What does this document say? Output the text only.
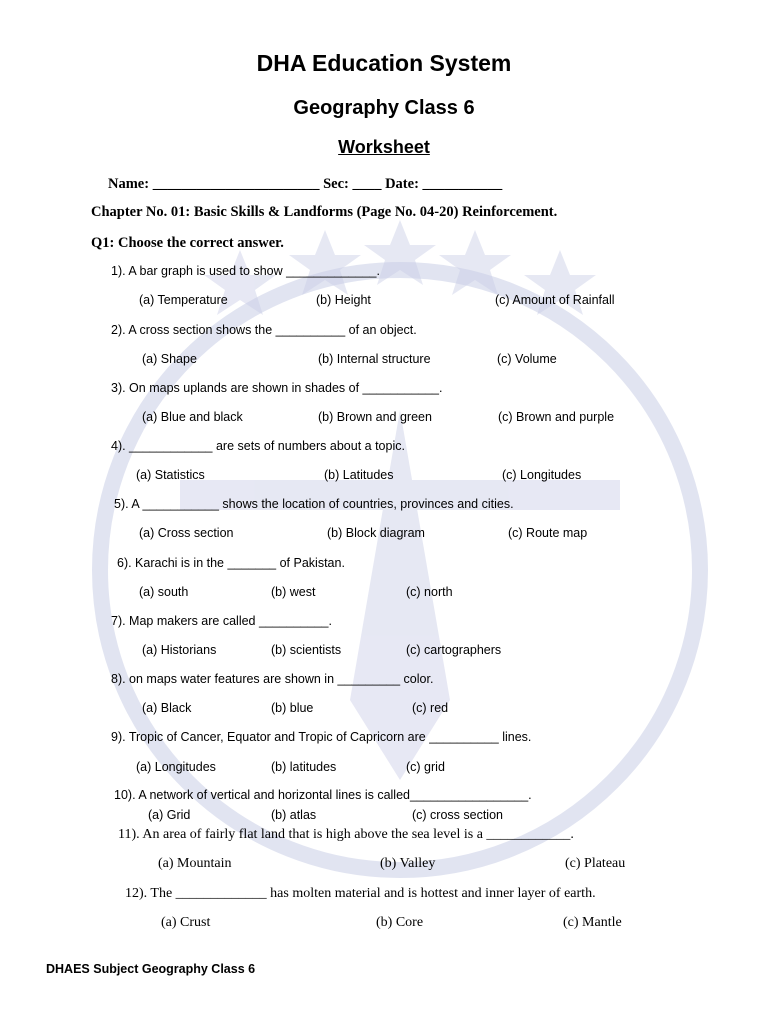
DHA Education System
Geography Class 6
Worksheet
Name: _______________________ Sec: ____ Date: ___________
Chapter No. 01: Basic Skills & Landforms (Page No. 04-20) Reinforcement.
Q1: Choose the correct answer.
1). A bar graph is used to show _____________.
(a) Temperature	(b) Height	(c) Amount of Rainfall
2). A cross section shows the __________ of an object.
(a) Shape	(b) Internal structure	(c) Volume
3). On maps uplands are shown in shades of ___________.
(a) Blue and black	(b) Brown and green	(c) Brown and purple
4). ____________ are sets of numbers about a topic.
(a) Statistics	(b) Latitudes	(c) Longitudes
5). A ___________ shows the location of countries, provinces and cities.
(a) Cross section	(b) Block diagram	(c) Route map
6). Karachi is in the _______ of Pakistan.
(a) south	(b) west	(c) north
7). Map makers are called __________.
(a) Historians	(b) scientists	(c) cartographers
8). on maps water features are shown in _________ color.
(a) Black	(b) blue	(c) red
9). Tropic of Cancer, Equator and Tropic of Capricorn are __________ lines.
(a) Longitudes	(b) latitudes	(c) grid
10). A network of vertical and horizontal lines is called_________________.
(a) Grid	(b) atlas	(c) cross section
11). An area of fairly flat land that is high above the sea level is a ____________.
(a) Mountain	(b) Valley	(c) Plateau
12). The _____________ has molten material and is hottest and inner layer of earth.
(a) Crust	(b) Core	(c) Mantle
DHAES Subject Geography Class 6
